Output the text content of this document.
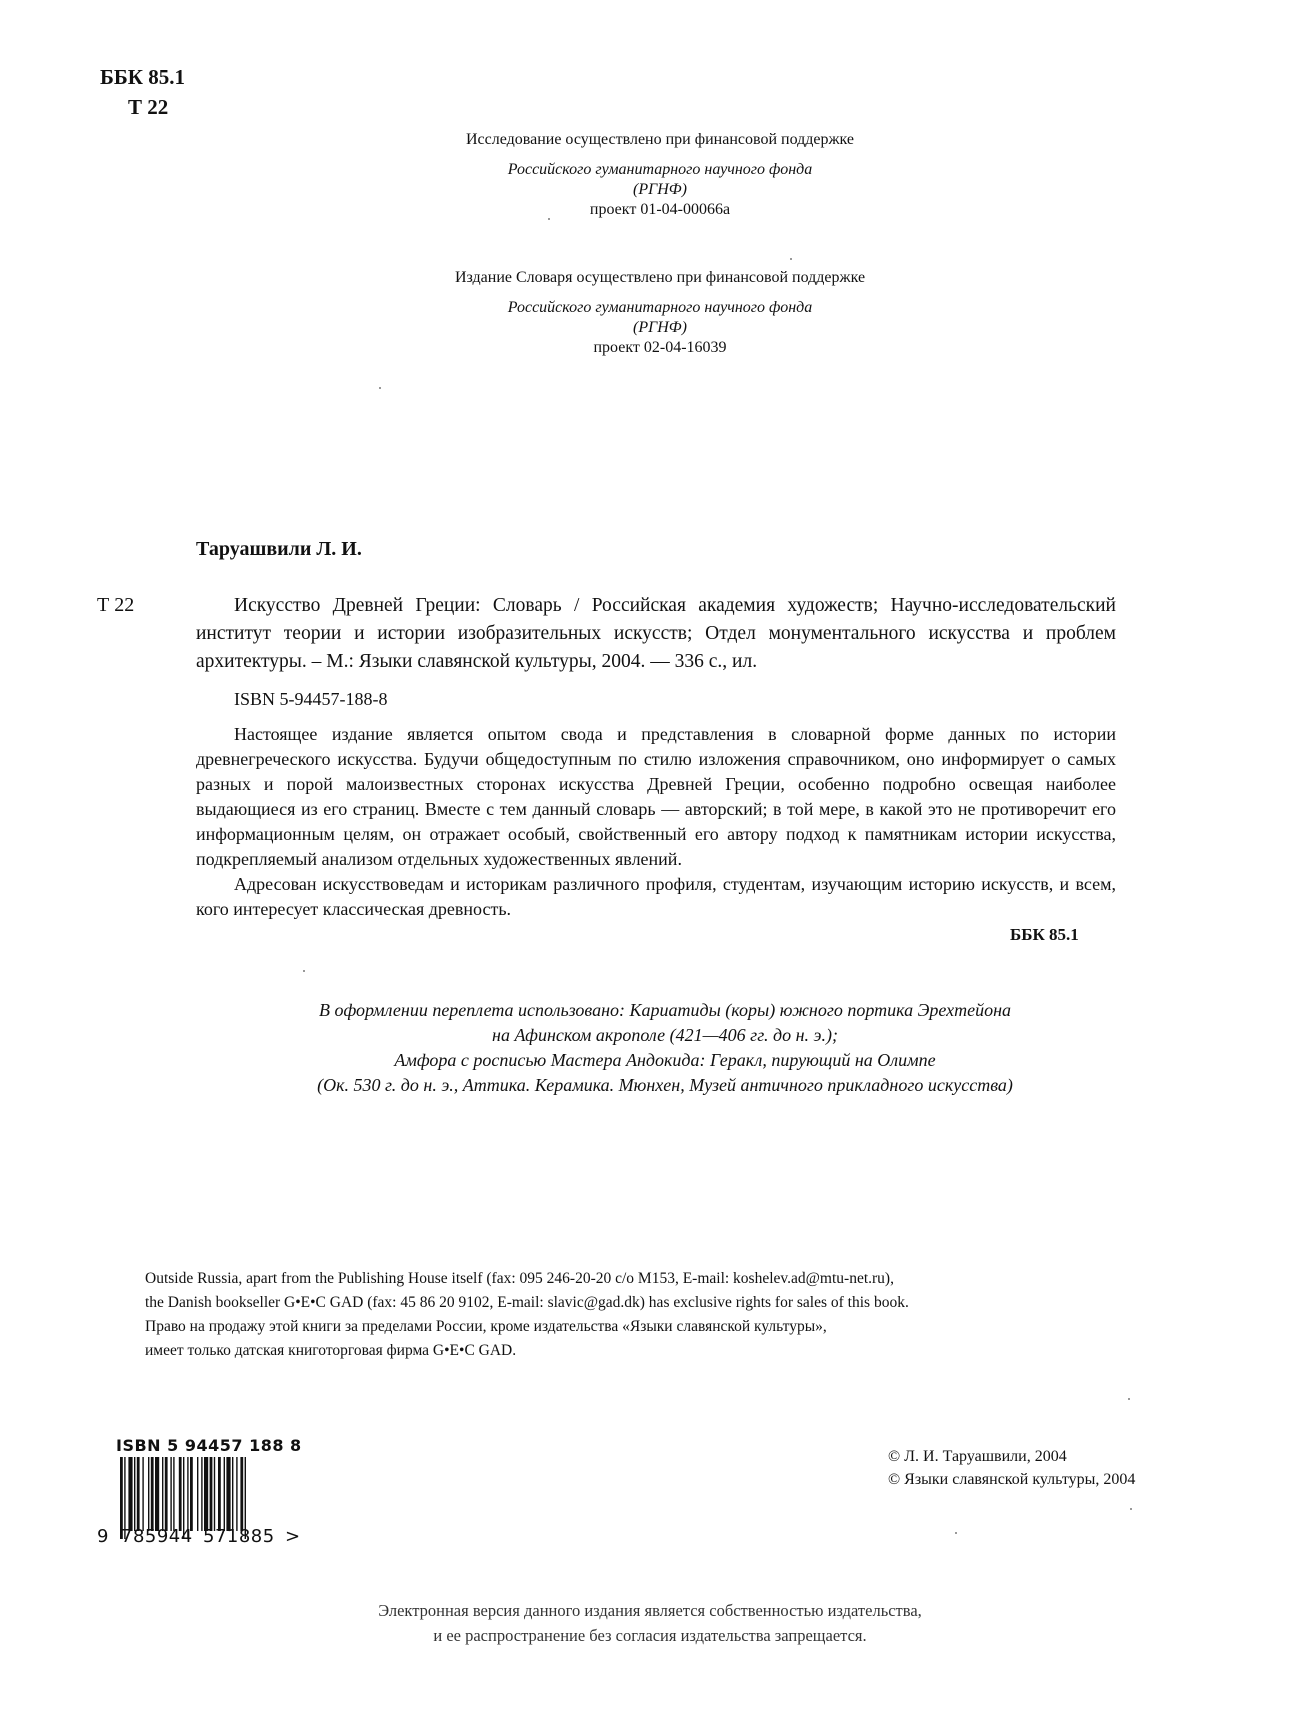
ББК 85.1
Т 22
Исследование осуществлено при финансовой поддержке
Российского гуманитарного научного фонда
(РГНФ)
проект 01-04-00066а
Издание Словаря осуществлено при финансовой поддержке
Российского гуманитарного научного фонда
(РГНФ)
проект 02-04-16039
Таруашвили Л. И.
Т 22	Искусство Древней Греции: Словарь / Российская академия художеств; Научно-исследовательский институт теории и истории изобразительных искусств; Отдел монументального искусства и проблем архитектуры. – М.: Языки славянской культуры, 2004. — 336 с., ил.
ISBN 5-94457-188-8

Настоящее издание является опытом свода и представления в словарной форме данных по истории древнегреческого искусства. Будучи общедоступным по стилю изложения справочником, оно информирует о самых разных и порой малоизвестных сторонах искусства Древней Греции, особенно подробно освещая наиболее выдающиеся из его страниц. Вместе с тем данный словарь — авторский; в той мере, в какой это не противоречит его информационным целям, он отражает особый, свойственный его автору подход к памятникам истории искусства, подкрепляемый анализом отдельных художественных явлений.

Адресован искусствоведам и историкам различного профиля, студентам, изучающим историю искусств, и всем, кого интересует классическая древность.

ББК 85.1
В оформлении переплета использовано: Кариатиды (коры) южного портика Эрехтейона
на Афинском акрополе (421—406 гг. до н. э.);
Амфора с росписью Мастера Андокида: Геракл, пирующий на Олимпе
(Ок. 530 г. до н. э., Аттика. Керамика. Мюнхен, Музей античного прикладного искусства)
Outside Russia, apart from the Publishing House itself (fax: 095 246-20-20 c/o M153, E-mail: koshelev.ad@mtu-net.ru),
the Danish bookseller G•E•C GAD (fax: 45 86 20 9102, E-mail: slavic@gad.dk) has exclusive rights for sales of this book.
Право на продажу этой книги за пределами России, кроме издательства «Языки славянской культуры»,
имеет только датская книготорговая фирма G•E•C GAD.
ISBN 5 94457 188 8
9 785944 571885 >
© Л. И. Таруашвили, 2004
© Языки славянской культуры, 2004
Электронная версия данного издания является собственностью издательства,
и ее распространение без согласия издательства запрещается.
